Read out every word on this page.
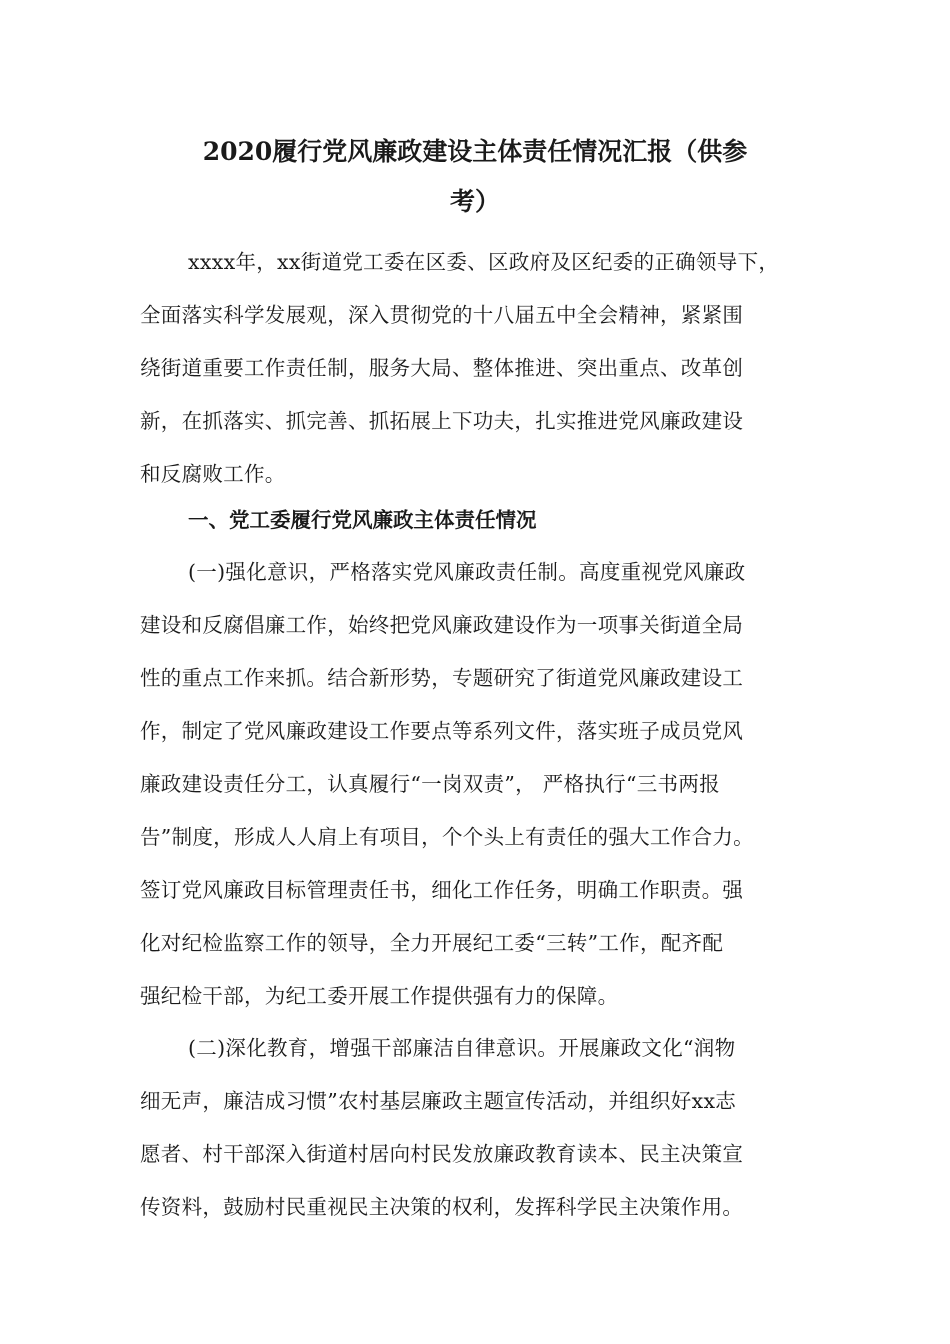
2020履行党风廉政建设主体责任情况汇报（供参
考）
xxxx年，xx街道党工委在区委、区政府及区纪委的正确领导下，
全面落实科学发展观，深入贯彻党的十八届五中全会精神，紧紧围
绕街道重要工作责任制，服务大局、整体推进、突出重点、改革创
新，在抓落实、抓完善、抓拓展上下功夫，扎实推进党风廉政建设
和反腐败工作。
一、党工委履行党风廉政主体责任情况
(一)强化意识，严格落实党风廉政责任制。高度重视党风廉政
建设和反腐倡廉工作，始终把党风廉政建设作为一项事关街道全局
性的重点工作来抓。结合新形势，专题研究了街道党风廉政建设工
作，制定了党风廉政建设工作要点等系列文件，落实班子成员党风
廉政建设责任分工，认真履行“一岗双责”， 严格执行“三书两报
告”制度，形成人人肩上有项目，个个头上有责任的强大工作合力。
签订党风廉政目标管理责任书，细化工作任务，明确工作职责。强
化对纪检监察工作的领导，全力开展纪工委“三转”工作，配齐配
强纪检干部，为纪工委开展工作提供强有力的保障。
(二)深化教育，增强干部廉洁自律意识。开展廉政文化“润物
细无声，廉洁成习惯”农村基层廉政主题宣传活动，并组织好xx志
愿者、村干部深入街道村居向村民发放廉政教育读本、民主决策宣
传资料，鼓励村民重视民主决策的权利，发挥科学民主决策作用。
